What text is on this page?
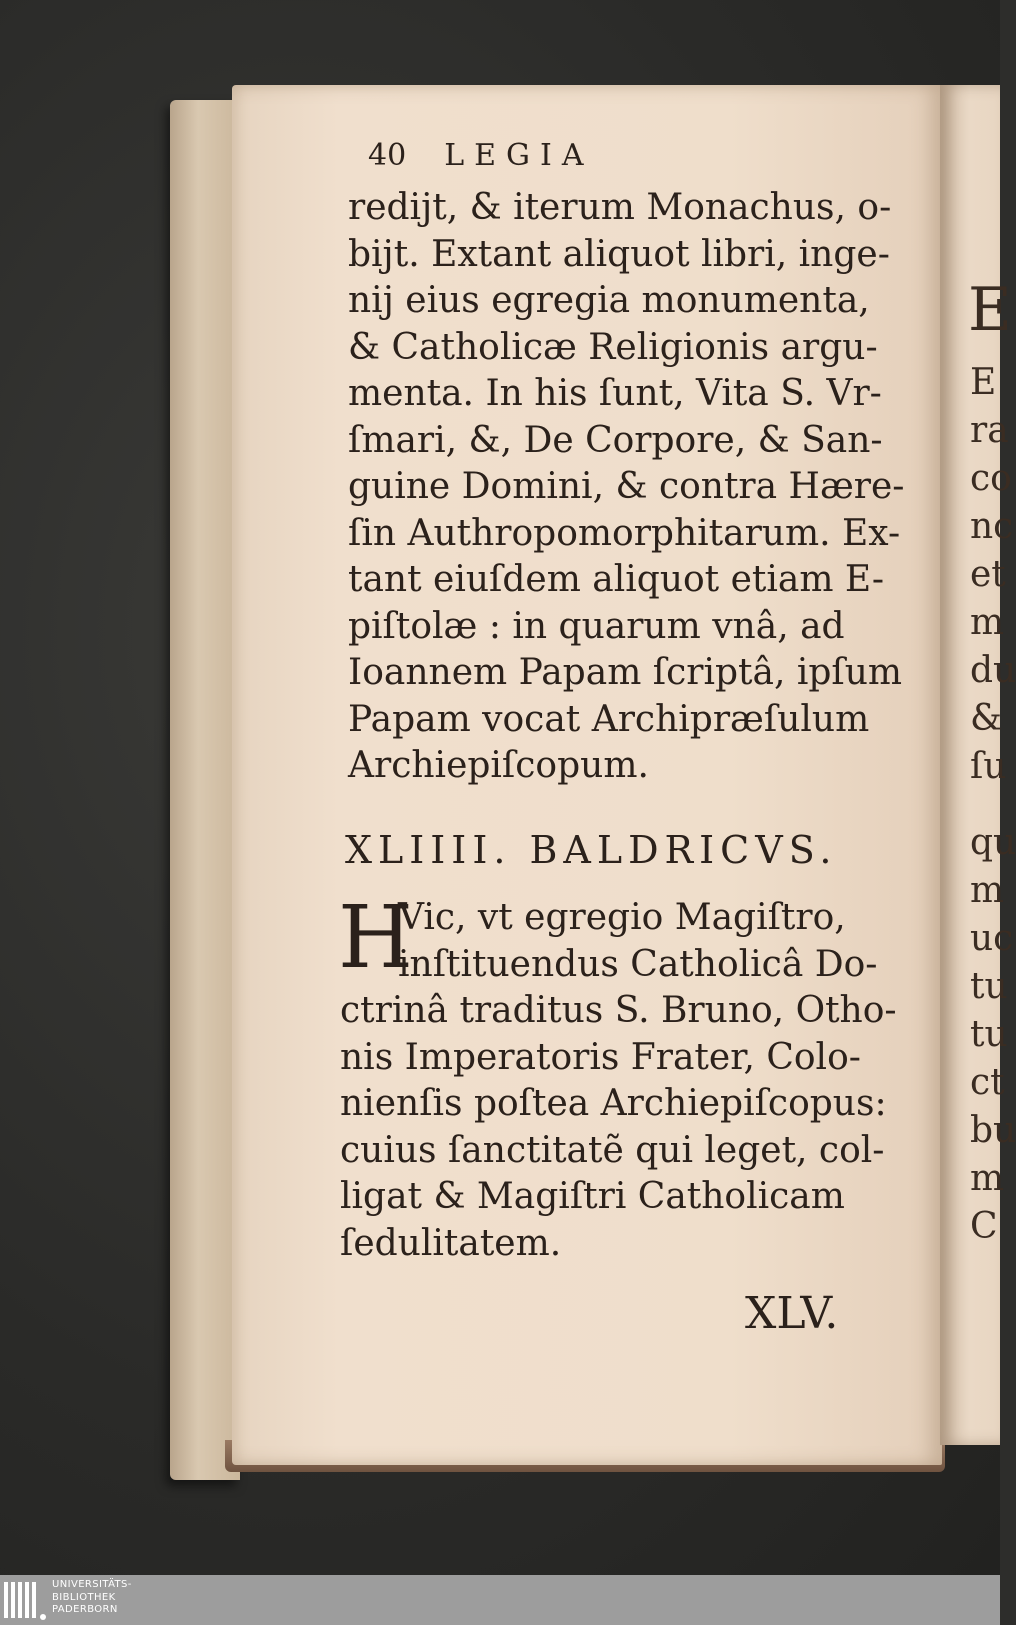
E
E
ra
co
nc
et
m
du
&
ſu
qu
m
uc
tu
tu
ct
bu
m
C
40 LEGIA
redijt, & iterum Monachus, o-
bijt. Extant aliquot libri, inge-
nij eius egregia monumenta,
& Catholicæ Religionis argu-
menta. In his ſunt, Vita S. Vr-
ſmari, &, De Corpore, & San-
guine Domini, & contra Hære-
ſin Authropomorphitarum. Ex-
tant eiuſdem aliquot etiam E-
piſtolæ : in quarum vnâ, ad
Ioannem Papam ſcriptâ, ipſum
Papam vocat Archipræſulum
Archiepiſcopum.
XLIIII. BALDRICVS.
H
Vic, vt egregio Magiſtro,
inſtituendus Catholicâ Do-
ctrinâ traditus S. Bruno, Otho-
nis Imperatoris Frater, Colo-
nienſis poſtea Archiepiſcopus:
cuius ſanctitatẽ qui leget, col-
ligat & Magiſtri Catholicam
ſedulitatem.
XLV.
UNIVERSITÄTS-
BIBLIOTHEK
PADERBORN
